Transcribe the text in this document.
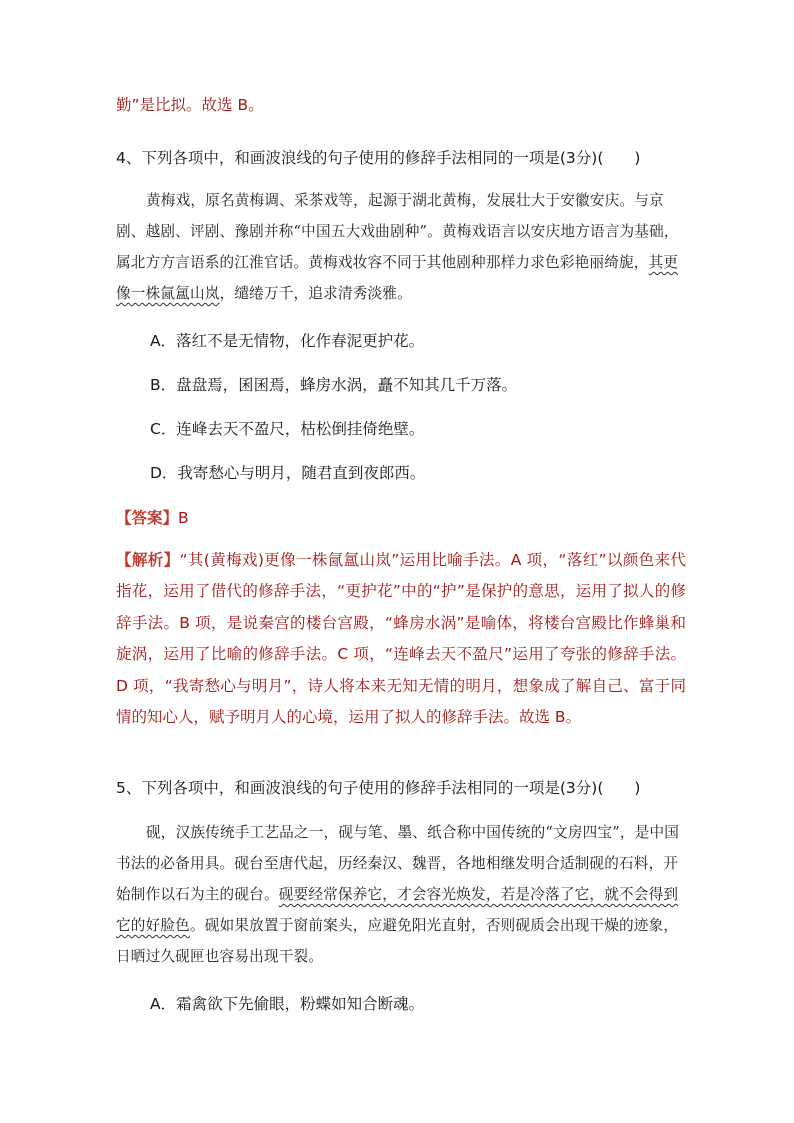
勤”是比拟。故选 B。
4、下列各项中，和画波浪线的句子使用的修辞手法相同的一项是(3分)(　　)

黄梅戏，原名黄梅调、采茶戏等，起源于湖北黄梅，发展壮大于安徽安庆。与京剧、越剧、评剧、豫剧并称“中国五大戏曲剧种”。黄梅戏语言以安庆地方语言为基础，属北方方言语系的江淮官话。黄梅戏妆容不同于其他剧种那样力求色彩艳丽绮旎，其更像一株氤氲山岚，缱绻万千，追求清秀淡雅。

A．落红不是无情物，化作春泥更护花。
B．盘盘焉，囷囷焉，蜂房水涡，矗不知其几千万落。
C．连峰去天不盈尺，枯松倒挂倚绝壁。
D．我寄愁心与明月，随君直到夜郎西。
【答案】B
【解析】“其(黄梅戏)更像一株氤氲山岚”运用比喻手法。A 项，“落红”以颜色来代指花，运用了借代的修辞手法，“更护花”中的“护”是保护的意思，运用了拟人的修辞手法。B 项，是说秦宫的楼台宫殿，“蜂房水涡”是喻体，将楼台宫殿比作蜂巢和旋涡，运用了比喻的修辞手法。C 项，“连峰去天不盈尺”运用了夸张的修辞手法。D 项，“我寄愁心与明月”，诗人将本来无知无情的明月，想象成了解自己、富于同情的知心人，赋予明月人的心境，运用了拟人的修辞手法。故选 B。
5、下列各项中，和画波浪线的句子使用的修辞手法相同的一项是(3分)(　　)

砚，汉族传统手工艺品之一，砚与笔、墨、纸合称中国传统的“文房四宝”，是中国书法的必备用具。砚台至唐代起，历经秦汉、魏晋，各地相继发明合适制砚的石料，开始制作以石为主的砚台。砚要经常保养它，才会容光焕发，若是冷落了它，就不会得到它的好脸色。砚如果放置于窗前案头，应避免阳光直射，否则砚质会出现干燥的迹象，日晒过久砚匣也容易出现干裂。

A．霜禽欲下先偷眼，粉蝶如知合断魂。
